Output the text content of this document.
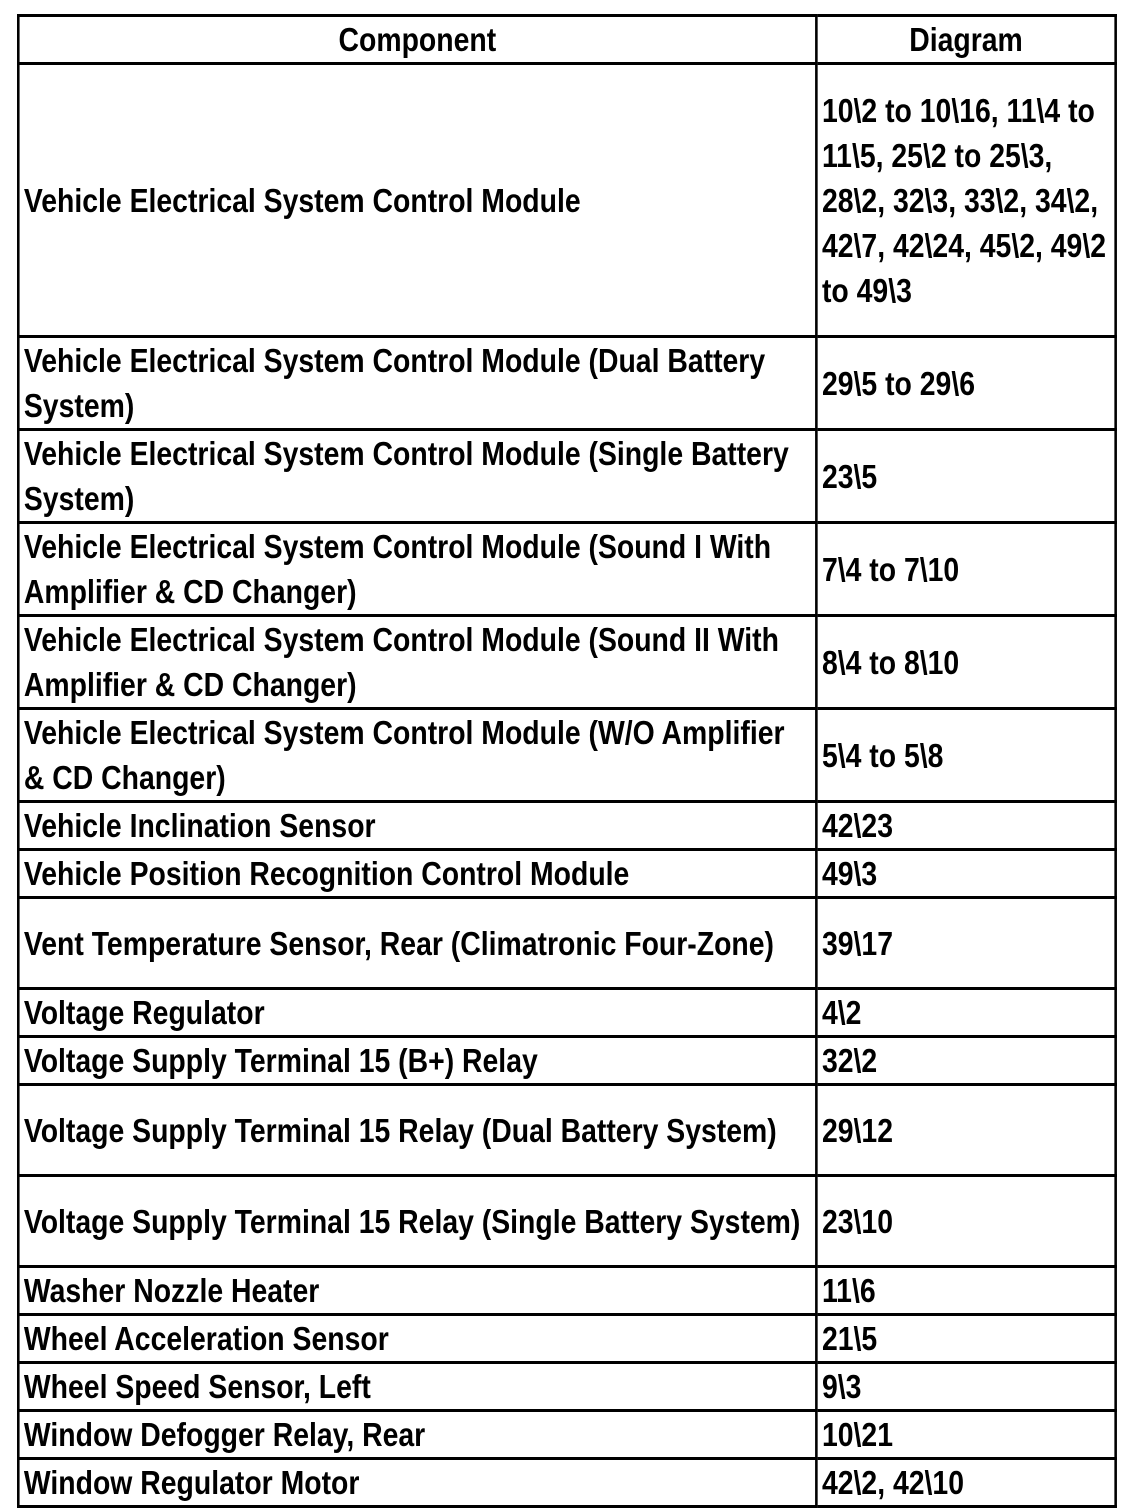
Component	Diagram
Vehicle Electrical System Control Module	10\2 to 10\16, 11\4 to 11\5, 25\2 to 25\3, 28\2, 32\3, 33\2, 34\2, 42\7, 42\24, 45\2, 49\2 to 49\3
Vehicle Electrical System Control Module (Dual Battery System)	29\5 to 29\6
Vehicle Electrical System Control Module (Single Battery System)	23\5
Vehicle Electrical System Control Module (Sound I With Amplifier & CD Changer)	7\4 to 7\10
Vehicle Electrical System Control Module (Sound II With Amplifier & CD Changer)	8\4 to 8\10
Vehicle Electrical System Control Module (W/O Amplifier & CD Changer)	5\4 to 5\8
Vehicle Inclination Sensor	42\23
Vehicle Position Recognition Control Module	49\3
Vent Temperature Sensor, Rear (Climatronic Four-Zone)	39\17
Voltage Regulator	4\2
Voltage Supply Terminal 15 (B+) Relay	32\2
Voltage Supply Terminal 15 Relay (Dual Battery System)	29\12
Voltage Supply Terminal 15 Relay (Single Battery System)	23\10
Washer Nozzle Heater	11\6
Wheel Acceleration Sensor	21\5
Wheel Speed Sensor, Left	9\3
Window Defogger Relay, Rear	10\21
Window Regulator Motor	42\2, 42\10
